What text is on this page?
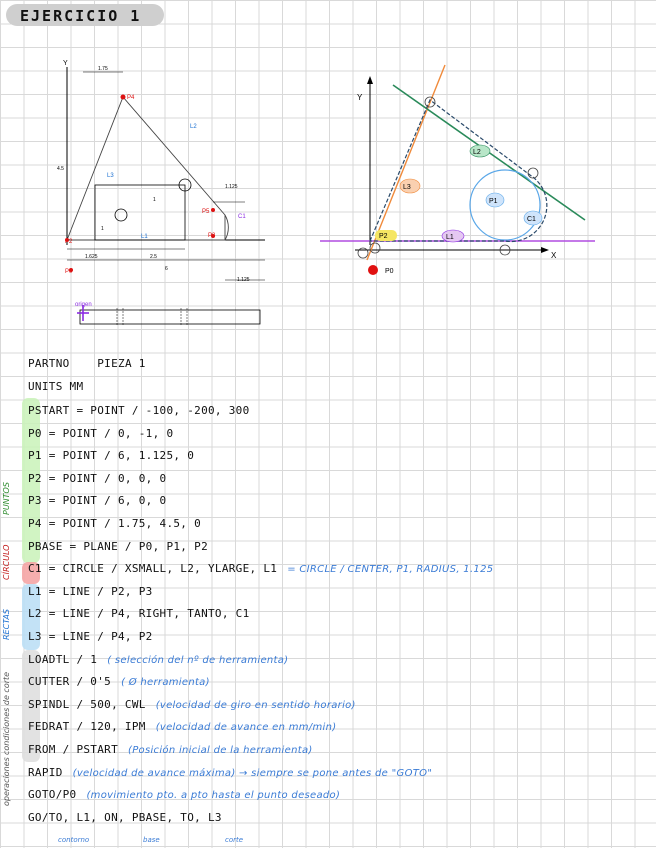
EJERCICIO 1
Y
1.75
4.5
1.125
1
1
1.625	2.5
6
1.125
P4
P5
P3
P0
P2
C1
L1
L2
L3
origen
Y
X
P0
P2	L1
L2
L3
P1
C1
PARTNO	PIEZA 1
UNITS MM
PSTART = POINT / -100, -200, 300
P0 = POINT / 0, -1, 0
P1 = POINT / 6, 1.125, 0
P2 = POINT / 0, 0, 0
P3 = POINT / 6, 0, 0
P4 = POINT / 1.75, 4.5, 0
PBASE = PLANE / P0, P1, P2
C1 = CIRCLE / XSMALL, L2, YLARGE, L1 = CIRCLE / CENTER, P1, RADIUS, 1.125
L1 = LINE / P2, P3
L2 = LINE / P4, RIGHT, TANTO, C1
L3 = LINE / P4, P2
LOADTL / 1 ( selección del nº de herramienta)
CUTTER / 0'5 ( Ø herramienta)
SPINDL / 500, CWL (velocidad de giro en sentido horario)
FEDRAT / 120, IPM (velocidad de avance en mm/min)
FROM / PSTART (Posición inicial de la herramienta)
RAPID (velocidad de avance máxima) → siempre se pone antes de "GOTO"
GOTO/P0 (movimiento pto. a pto hasta el punto deseado)
GO/TO, L1, ON, PBASE, TO, L3
contorno	base	corte
PUNTOS
CÍRCULO
RECTAS
condiciones de corte
operaciones
